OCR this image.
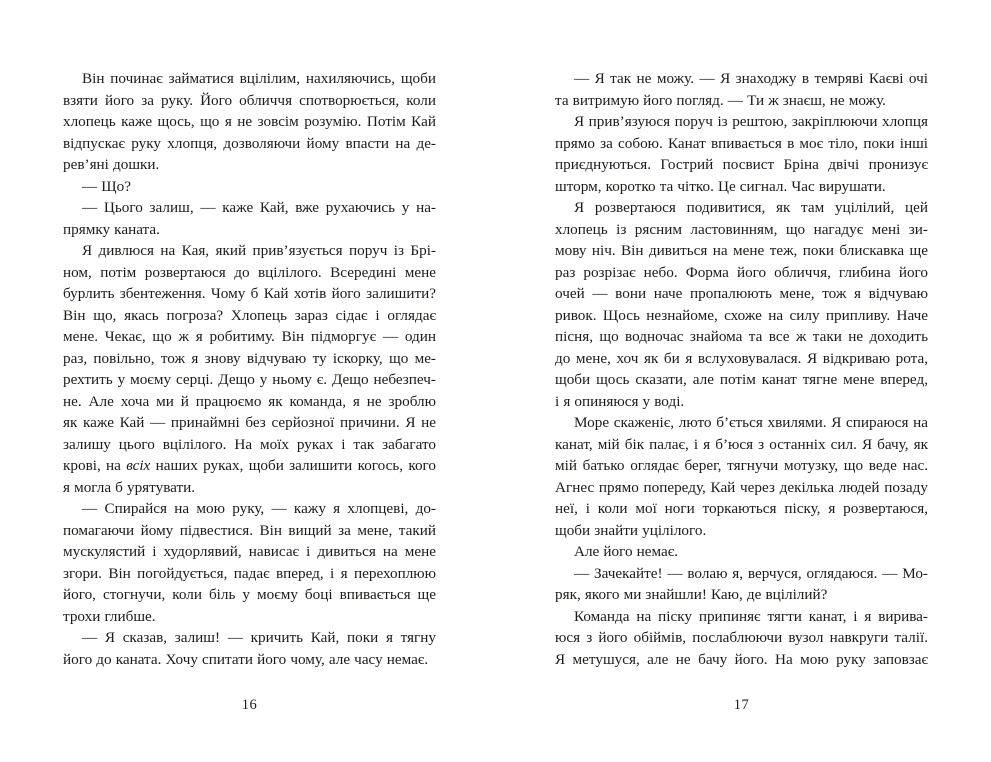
Він починає займатися вцілілим, нахиляючись, щоби
взяти його за руку. Його обличчя спотворюється, коли
хлопець каже щось, що я не зовсім розумію. Потім Кай
відпускає руку хлопця, дозволяючи йому впасти на де-
рев’яні дошки.
— Що?
— Цього залиш, — каже Кай, вже рухаючись у на-
прямку каната.
Я дивлюся на Кая, який прив’язується поруч із Брі-
ном, потім розвертаюся до вцілілого. Всередині мене
бурлить збентеження. Чому б Кай хотів його залишити?
Він що, якась погроза? Хлопець зараз сідає і оглядає
мене. Чекає, що ж я робитиму. Він підморгує — один
раз, повільно, тож я знову відчуваю ту іскорку, що ме-
рехтить у моєму серці. Дещо у ньому є. Дещо небезпеч-
не. Але хоча ми й працюємо як команда, я не зроблю
як каже Кай — принаймні без серйозної причини. Я не
залишу цього вцілілого. На моїх руках і так забагато
крові, на всіх наших руках, щоби залишити когось, кого
я могла б урятувати.
— Спирайся на мою руку, — кажу я хлопцеві, до-
помагаючи йому підвестися. Він вищий за мене, такий
мускулястий і худорлявий, нависає і дивиться на мене
згори. Він погойдується, падає вперед, і я перехоплюю
його, стогнучи, коли біль у моєму боці впивається ще
трохи глибше.
— Я сказав, залиш! — кричить Кай, поки я тягну
його до каната. Хочу спитати його чому, але часу немає.
16
— Я так не можу. — Я знаходжу в темряві Каєві очі
та витримую його погляд. — Ти ж знаєш, не можу.
Я прив’язуюся поруч із рештою, закріплюючи хлопця
прямо за собою. Канат впивається в моє тіло, поки інші
приєднуються. Гострий посвист Бріна двічі пронизує
шторм, коротко та чітко. Це сигнал. Час вирушати.
Я розвертаюся подивитися, як там уцілілий, цей
хлопець із рясним ластовинням, що нагадує мені зи-
мову ніч. Він дивиться на мене теж, поки блискавка ще
раз розрізає небо. Форма його обличчя, глибина його
очей — вони наче пропалюють мене, тож я відчуваю
ривок. Щось незнайоме, схоже на силу припливу. Наче
пісня, що водночас знайома та все ж таки не доходить
до мене, хоч як би я вслуховувалася. Я відкриваю рота,
щоби щось сказати, але потім канат тягне мене вперед,
і я опиняюся у воді.
Море скаженіє, люто б’ється хвилями. Я спираюся на
канат, мій бік палає, і я б’юся з останніх сил. Я бачу, як
мій батько оглядає берег, тягнучи мотузку, що веде нас.
Агнес прямо попереду, Кай через декілька людей позаду
неї, і коли мої ноги торкаються піску, я розвертаюся,
щоби знайти уцілілого.
Але його немає.
— Зачекайте! — волаю я, верчуся, оглядаюся. — Мо-
ряк, якого ми знайшли! Каю, де вцілілий?
Команда на піску припиняє тягти канат, і я вирива-
юся з його обіймів, послаблюючи вузол навкруги талії.
Я метушуся, але не бачу його. На мою руку заповзає
17
